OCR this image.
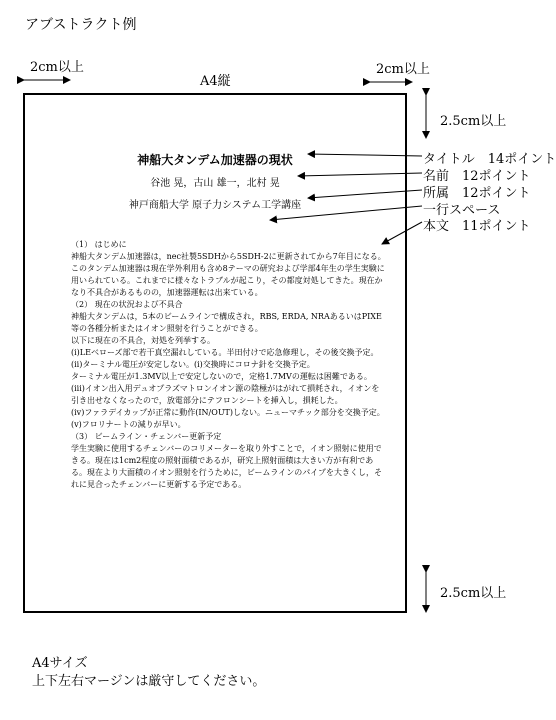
アブストラクト例
2cm以上	2cm以上
A4縦
2.5cm以上
2.5cm以上
神船大タンデム加速器の現状
谷池 晃，古山 雄一，北村 晃
神戸商船大学 原子力システム工学講座
（1） はじめに
神船大タンデム加速器は，nec社製5SDHから5SDH-2に更新されてから7年目になる。このタンデム加速器は現在学外利用も含め8テーマの研究および学部4年生の学生実験に用いられている。これまでに様々なトラブルが起こり，その都度対処してきた。現在かなり不具合があるものの，加速器運転は出来ている。
（2） 現在の状況および不具合
神船大タンデムは，5本のビームラインで構成され，RBS, ERDA, NRAあるいはPIXE等の各種分析またはイオン照射を行うことができる。
以下に現在の不具合，対処を列挙する。
(i)LEベローズ部で若干真空漏れしている。半田付けで応急修理し，その後交換予定。
(ii)ターミナル電圧が安定しない。(i)交換時にコロナ針を交換予定。
ターミナル電圧が1.3MV以上で安定しないので，定格1.7MVの運転は困難である。
(iii)イオン出入用デュオプラズマトロンイオン源の陰極がはがれて損耗され，イオンを引き出せなくなったので，放電部分にテフロンシートを挿入し，損耗した。
(iv)ファラデイカップが正常に動作(IN/OUT)しない。ニューマチック部分を交換予定。
(v)フロリナートの減りが早い。
（3） ビームライン・チェンバー更新予定
学生実験に使用するチェンバーのコリメーターを取り外すことで，イオン照射に使用できる。現在は1cm2程度の照射面積であるが，研究上照射面積は大きい方が有利である。現在より大面積のイオン照射を行うために，ビームラインのパイプを大きくし，それに見合ったチェンバーに更新する予定である。
タイトル　14ポイント
名前　12ポイント
所属　12ポイント
一行スペース
本文　11ポイント
A4サイズ
上下左右マージンは厳守してください。
